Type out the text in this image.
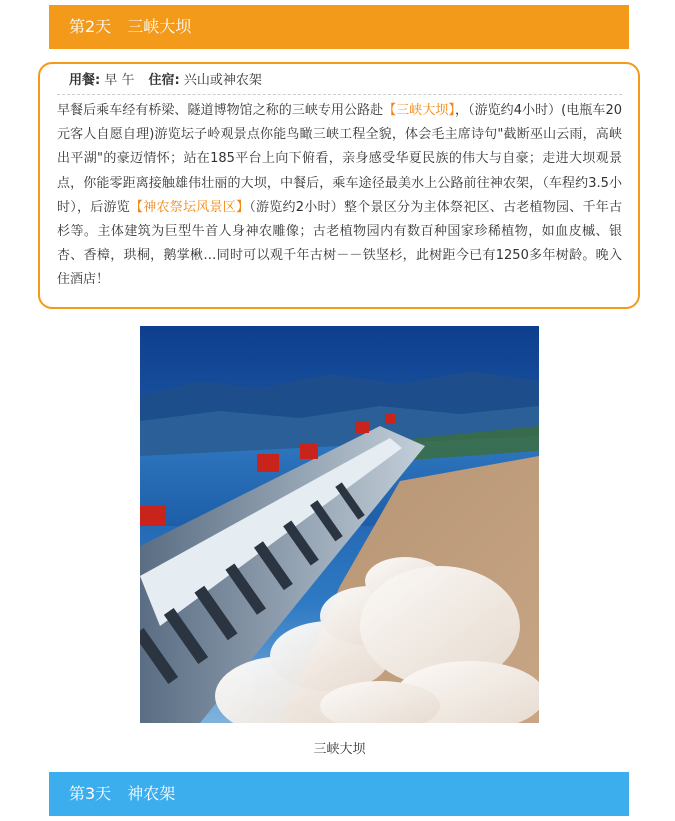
第2天 三峡大坝
用餐: 早 午 住宿: 兴山或神农架

早餐后乘车经有桥梁、隧道博物馆之称的三峡专用公路赴【三峡大坝】，（游览约4小时）(电瓶车20元客人自愿自理)游览坛子岭观景点你能鸟瞰三峡工程全貌，体会毛主席诗句"截断巫山云雨，高峡出平湖"的豪迈情怀；站在185平台上向下俯看，亲身感受华夏民族的伟大与自豪；走进大坝观景点，你能零距离接触雄伟壮丽的大坝，中餐后，乘车途径最美水上公路前往神农架，（车程约3.5小时），后游览【神农祭坛风景区】（游览约2小时）整个景区分为主体祭祀区、古老植物园、千年古杉等。主体建筑为巨型牛首人身神农雕像；古老植物园内有数百种国家珍稀植物，如血皮槭、银杏、香樟，珙桐，鹅掌楸…同时可以观千年古树－－铁坚杉，此树距今已有1250多年树龄。晚入住酒店！

三峡大坝
第3天 神农架
